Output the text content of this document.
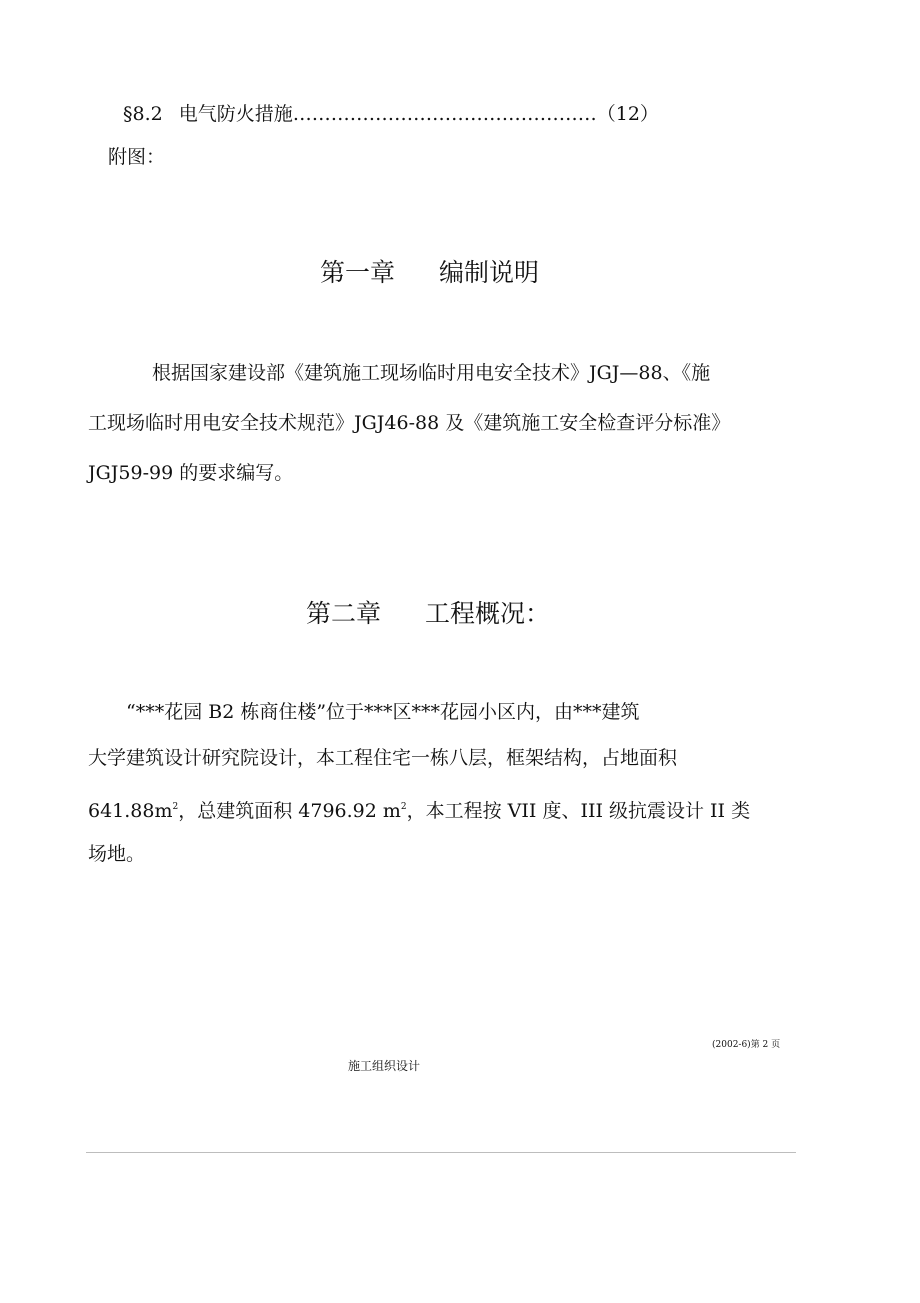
§8.2 电气防火措施 ………………………………………… （12）
附图：
第一章 编制说明
根据国家建设部《建筑施工现场临时用电安全技术》JGJ—88、《施
工现场临时用电安全技术规范》JGJ46-88 及《建筑施工安全检查评分标准》
JGJ59-99 的要求编写。
第二章 工程概况：
“***花园 B2 栋商住楼”位于***区***花园小区内，由***建筑
大学建筑设计研究院设计，本工程住宅一栋八层，框架结构，占地面积
$641.88m^2$，总建筑面积 4796.92 $m^2$，本工程按 VII 度、III 级抗震设计 II 类
场地。
(2002-6)第 2 页
施工组织设计
